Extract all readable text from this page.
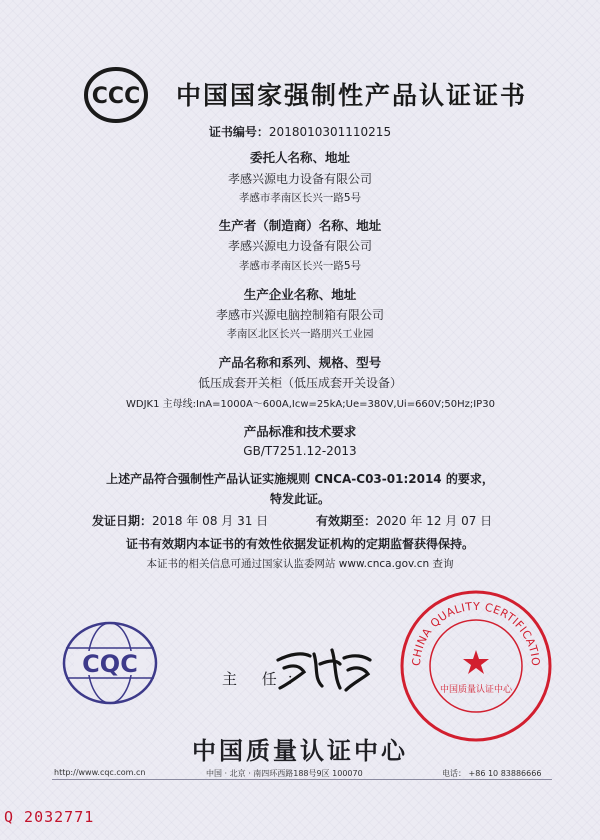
CCC 中国国家强制性产品认证证书
证书编号：2018010301110215
委托人名称、地址
孝感兴源电力设备有限公司
孝感市孝南区长兴一路5号
生产者（制造商）名称、地址
孝感兴源电力设备有限公司
孝感市孝南区长兴一路5号
生产企业名称、地址
孝感市兴源电脑控制箱有限公司
孝南区北区长兴一路朋兴工业园
产品名称和系列、规格、型号
低压成套开关柜（低压成套开关设备）
WDJK1 主母线:InA=1000A～600A,Icw=25kA;Ue=380V,Ui=660V;50Hz;IP30
产品标准和技术要求
GB/T7251.12-2013
上述产品符合强制性产品认证实施规则 CNCA-C03-01:2014 的要求，
特发此证。
发证日期：2018 年 08 月 31 日	有效期至：2020 年 12 月 07 日
证书有效期内本证书的有效性依据发证机构的定期监督获得保持。
本证书的相关信息可通过国家认监委网站 www.cnca.gov.cn 查询
CQC
主 任：
CHINA QUALITY CERTIFICATIO
中国质量认证中心
中国质量认证中心
http://www.cqc.com.cn	中国 · 北京 · 南四环西路188号9区 100070	电话： +86 10 83886666
Q 2032771
